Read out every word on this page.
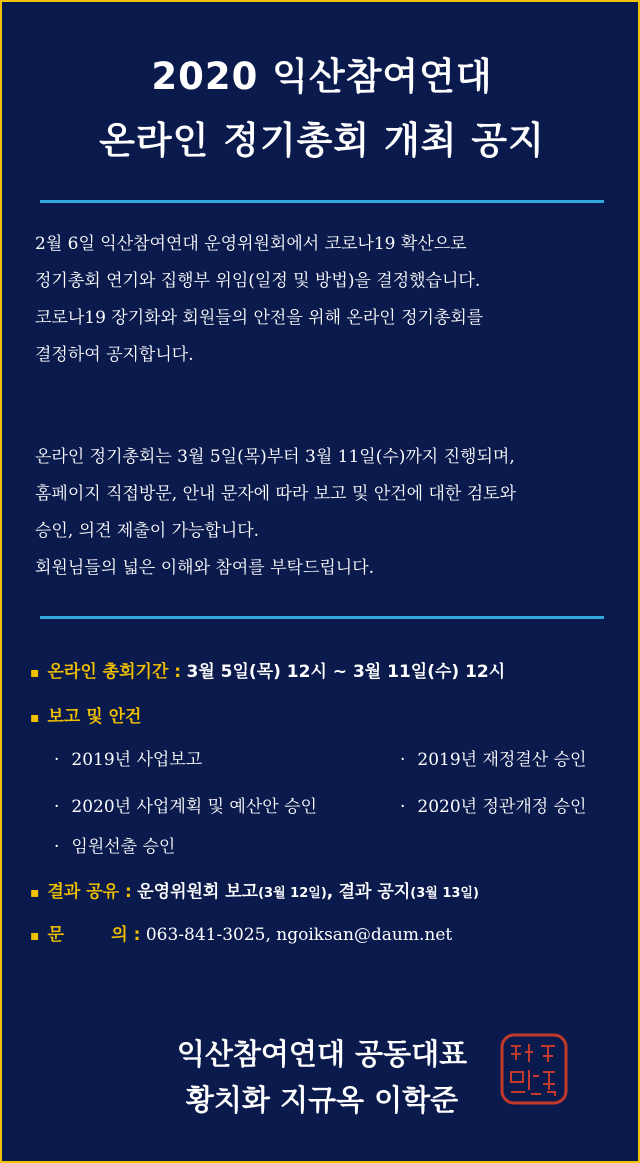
2020 익산참여연대
온라인 정기총회 개최 공지
2월 6일 익산참여연대 운영위원회에서 코로나19 확산으로
정기총회 연기와 집행부 위임(일정 및 방법)을 결정했습니다.
코로나19 장기화와 회원들의 안전을 위해 온라인 정기총회를
결정하여 공지합니다.
온라인 정기총회는 3월 5일(목)부터 3월 11일(수)까지 진행되며,
홈페이지 직접방문, 안내 문자에 따라 보고 및 안건에 대한 검토와
승인, 의견 제출이 가능합니다.
회원님들의 넓은 이해와 참여를 부탁드립니다.
▪ 온라인 총회기간 : 3월 5일(목) 12시 ~ 3월 11일(수) 12시
▪ 보고 및 안건
· 2019년 사업보고	· 2019년 재정결산 승인
· 2020년 사업계획 및 예산안 승인	· 2020년 정관개정 승인
· 임원선출 승인
▪ 결과 공유 : 운영위원회 보고(3월 12일), 결과 공지(3월 13일)
▪ 문        의 : 063-841-3025, ngoiksan@daum.net
익산참여연대 공동대표
황치화 지규옥 이학준
